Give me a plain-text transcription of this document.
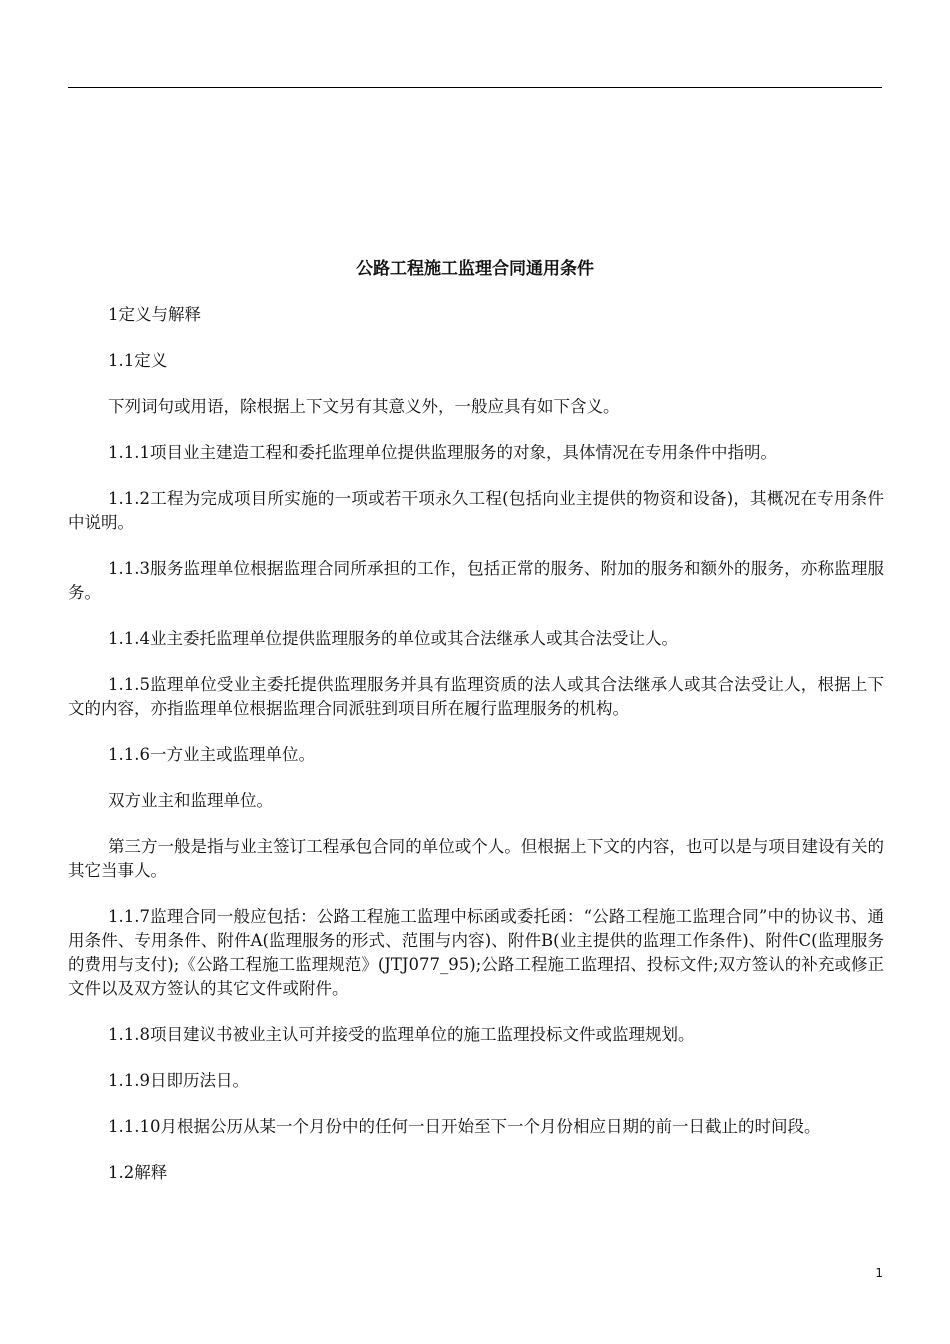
公路工程施工监理合同通用条件

1定义与解释

1.1定义

下列词句或用语，除根据上下文另有其意义外，一般应具有如下含义。

1.1.1项目业主建造工程和委托监理单位提供监理服务的对象，具体情况在专用条件中指明。

1.1.2工程为完成项目所实施的一项或若干项永久工程(包括向业主提供的物资和设备)，其概况在专用条件中说明。

1.1.3服务监理单位根据监理合同所承担的工作，包括正常的服务、附加的服务和额外的服务，亦称监理服务。

1.1.4业主委托监理单位提供监理服务的单位或其合法继承人或其合法受让人。

1.1.5监理单位受业主委托提供监理服务并具有监理资质的法人或其合法继承人或其合法受让人，根据上下文的内容，亦指监理单位根据监理合同派驻到项目所在履行监理服务的机构。

1.1.6一方业主或监理单位。

双方业主和监理单位。

第三方一般是指与业主签订工程承包合同的单位或个人。但根据上下文的内容，也可以是与项目建设有关的其它当事人。

1.1.7监理合同一般应包括：公路工程施工监理中标函或委托函：“公路工程施工监理合同”中的协议书、通用条件、专用条件、附件A(监理服务的形式、范围与内容)、附件B(业主提供的监理工作条件)、附件C(监理服务的费用与支付);《公路工程施工监理规范》(JTJ077_95);公路工程施工监理招、投标文件;双方签认的补充或修正文件以及双方签认的其它文件或附件。

1.1.8项目建议书被业主认可并接受的监理单位的施工监理投标文件或监理规划。

1.1.9日即历法日。

1.1.10月根据公历从某一个月份中的任何一日开始至下一个月份相应日期的前一日截止的时间段。

1.2解释

1
